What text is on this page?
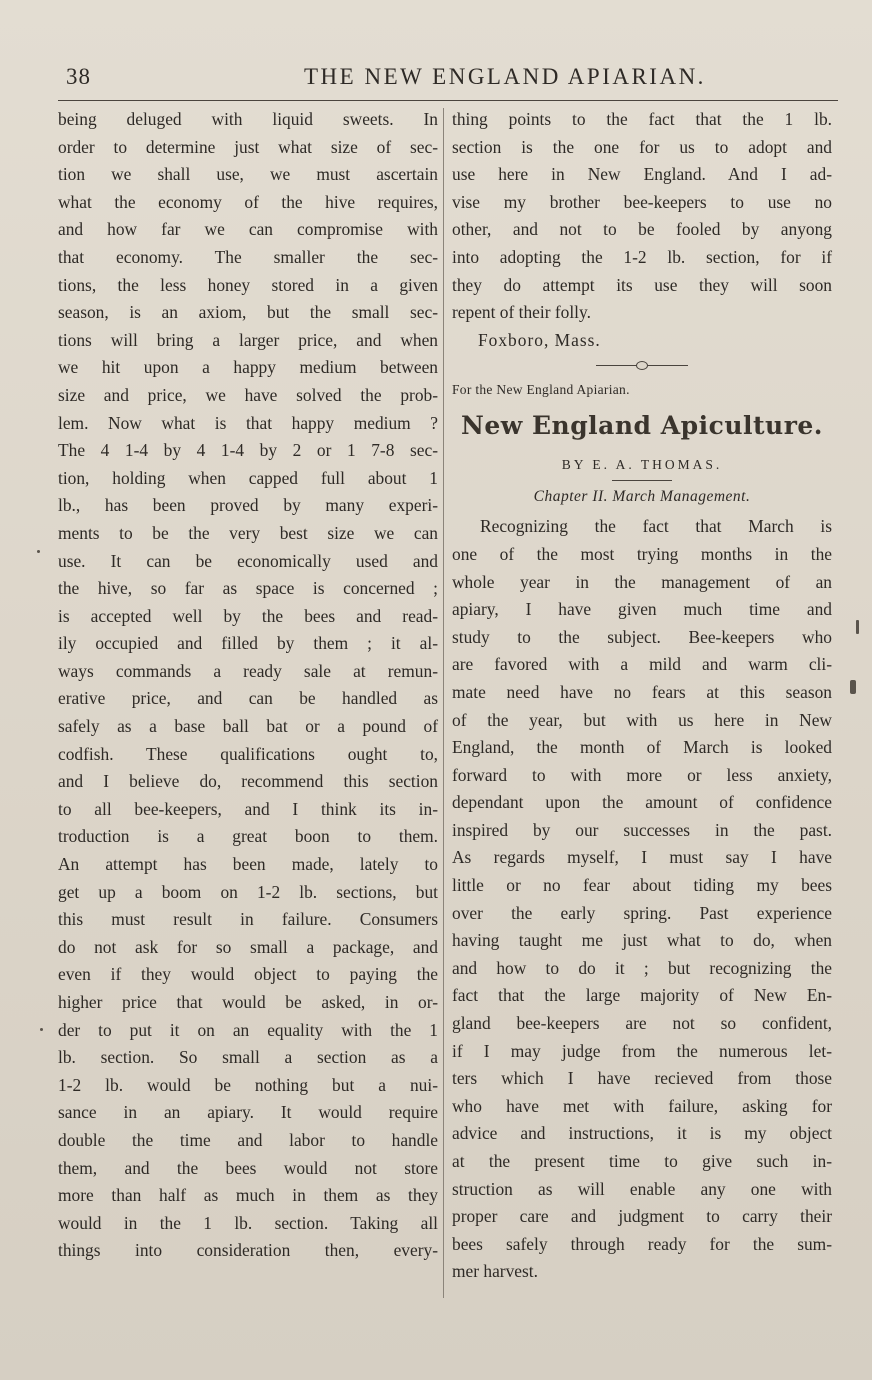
38	THE NEW ENGLAND APIARIAN.
being deluged with liquid sweets. In
order to determine just what size of sec-
tion we shall use, we must ascertain
what the economy of the hive requires,
and how far we can compromise with
that economy. The smaller the sec-
tions, the less honey stored in a given
season, is an axiom, but the small sec-
tions will bring a larger price, and when
we hit upon a happy medium between
size and price, we have solved the prob-
lem. Now what is that happy medium ?
The 4 1-4 by 4 1-4 by 2 or 1 7-8 sec-
tion, holding when capped full about 1
lb., has been proved by many experi-
ments to be the very best size we can
use. It can be economically used and
the hive, so far as space is concerned ;
is accepted well by the bees and read-
ily occupied and filled by them ; it al-
ways commands a ready sale at remun-
erative price, and can be handled as
safely as a base ball bat or a pound of
codfish. These qualifications ought to,
and I believe do, recommend this section
to all bee-keepers, and I think its in-
troduction is a great boon to them.
An attempt has been made, lately to
get up a boom on 1-2 lb. sections, but
this must result in failure. Consumers
do not ask for so small a package, and
even if they would object to paying the
higher price that would be asked, in or-
der to put it on an equality with the 1
lb. section. So small a section as a
1-2 lb. would be nothing but a nui-
sance in an apiary. It would require
double the time and labor to handle
them, and the bees would not store
more than half as much in them as they
would in the 1 lb. section. Taking all
things into consideration then, every-
thing points to the fact that the 1 lb.
section is the one for us to adopt and
use here in New England. And I ad-
vise my brother bee-keepers to use no
other, and not to be fooled by anyong
into adopting the 1-2 lb. section, for if
they do attempt its use they will soon
repent of their folly.
Foxboro, Mass.
For the New England Apiarian.
New England Apiculture.
BY E. A. THOMAS.
Chapter II. March Management.
Recognizing the fact that March is
one of the most trying months in the
whole year in the management of an
apiary, I have given much time and
study to the subject. Bee-keepers who
are favored with a mild and warm cli-
mate need have no fears at this season
of the year, but with us here in New
England, the month of March is looked
forward to with more or less anxiety,
dependant upon the amount of confidence
inspired by our successes in the past.
As regards myself, I must say I have
little or no fear about tiding my bees
over the early spring. Past experience
having taught me just what to do, when
and how to do it ; but recognizing the
fact that the large majority of New En-
gland bee-keepers are not so confident,
if I may judge from the numerous let-
ters which I have recieved from those
who have met with failure, asking for
advice and instructions, it is my object
at the present time to give such in-
struction as will enable any one with
proper care and judgment to carry their
bees safely through ready for the sum-
mer harvest.
